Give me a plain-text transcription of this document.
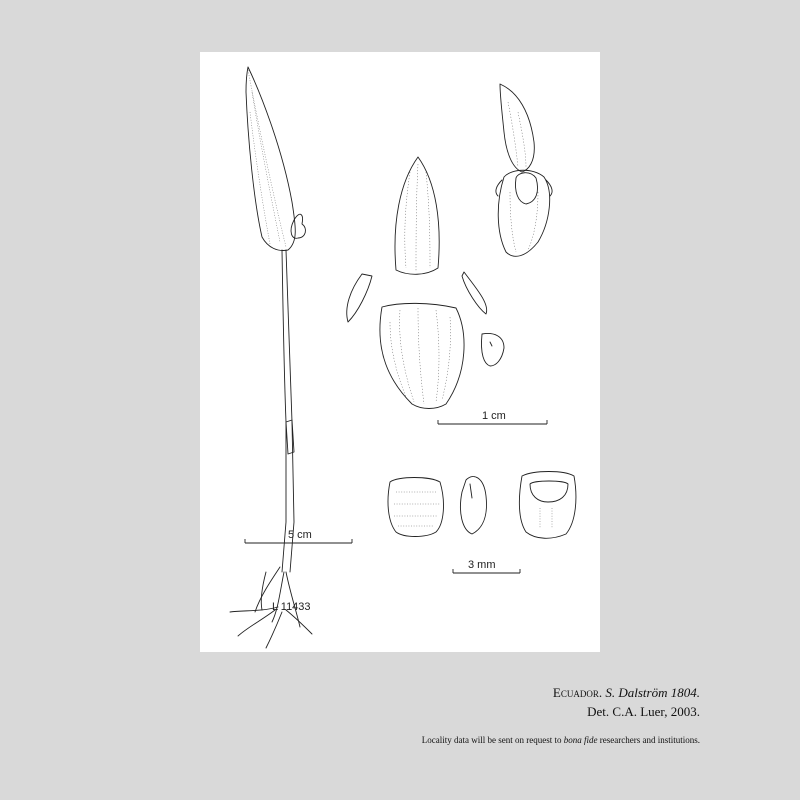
L 11433
5 cm
1 cm
3 mm
Ecuador. S. Dalström 1804.
Det. C.A. Luer, 2003.
Locality data will be sent on request to bona fide researchers and institutions.
